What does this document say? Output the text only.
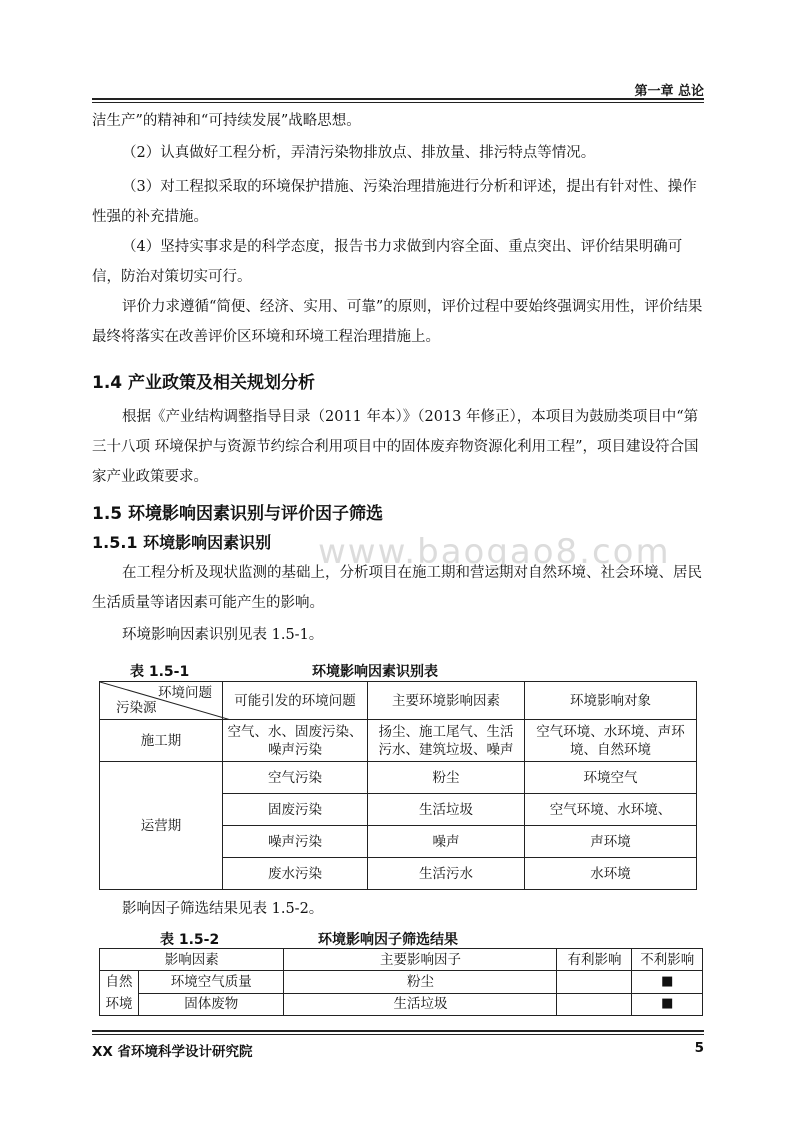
第一章 总论

洁生产”的精神和“可持续发展”战略思想。

（2）认真做好工程分析，弄清污染物排放点、排放量、排污特点等情况。

（3）对工程拟采取的环境保护措施、污染治理措施进行分析和评述，提出有针对性、操作性强的补充措施。

（4）坚持实事求是的科学态度，报告书力求做到内容全面、重点突出、评价结果明确可信，防治对策切实可行。

评价力求遵循“简便、经济、实用、可靠”的原则，评价过程中要始终强调实用性，评价结果最终将落实在改善评价区环境和环境工程治理措施上。

1.4 产业政策及相关规划分析

根据《产业结构调整指导目录（2011 年本）》（2013 年修正），本项目为鼓励类项目中“第三十八项 环境保护与资源节约综合利用项目中的固体废弃物资源化利用工程”，项目建设符合国家产业政策要求。

1.5 环境影响因素识别与评价因子筛选
1.5.1 环境影响因素识别 www.baogao8.com

在工程分析及现状监测的基础上，分析项目在施工期和营运期对自然环境、社会环境、居民生活质量等诸因素可能产生的影响。

环境影响因素识别见表 1.5-1。

表 1.5-1	环境影响因素识别表
环境问题
污染源	可能引发的环境问题	主要环境影响因素	环境影响对象
施工期	空气、水、固废污染、噪声污染	扬尘、施工尾气、生活污水、建筑垃圾、噪声	空气环境、水环境、声环境、自然环境
运营期	空气污染	粉尘	环境空气
	固废污染	生活垃圾	空气环境、水环境、
	噪声污染	噪声	声环境
	废水污染	生活污水	水环境

影响因子筛选结果见表 1.5-2。

表 1.5-2	环境影响因子筛选结果
影响因素		主要影响因子	有利影响	不利影响
自然环境	环境空气质量	粉尘		■
	固体废物	生活垃圾		■
XX 省环境科学设计研究院	5
